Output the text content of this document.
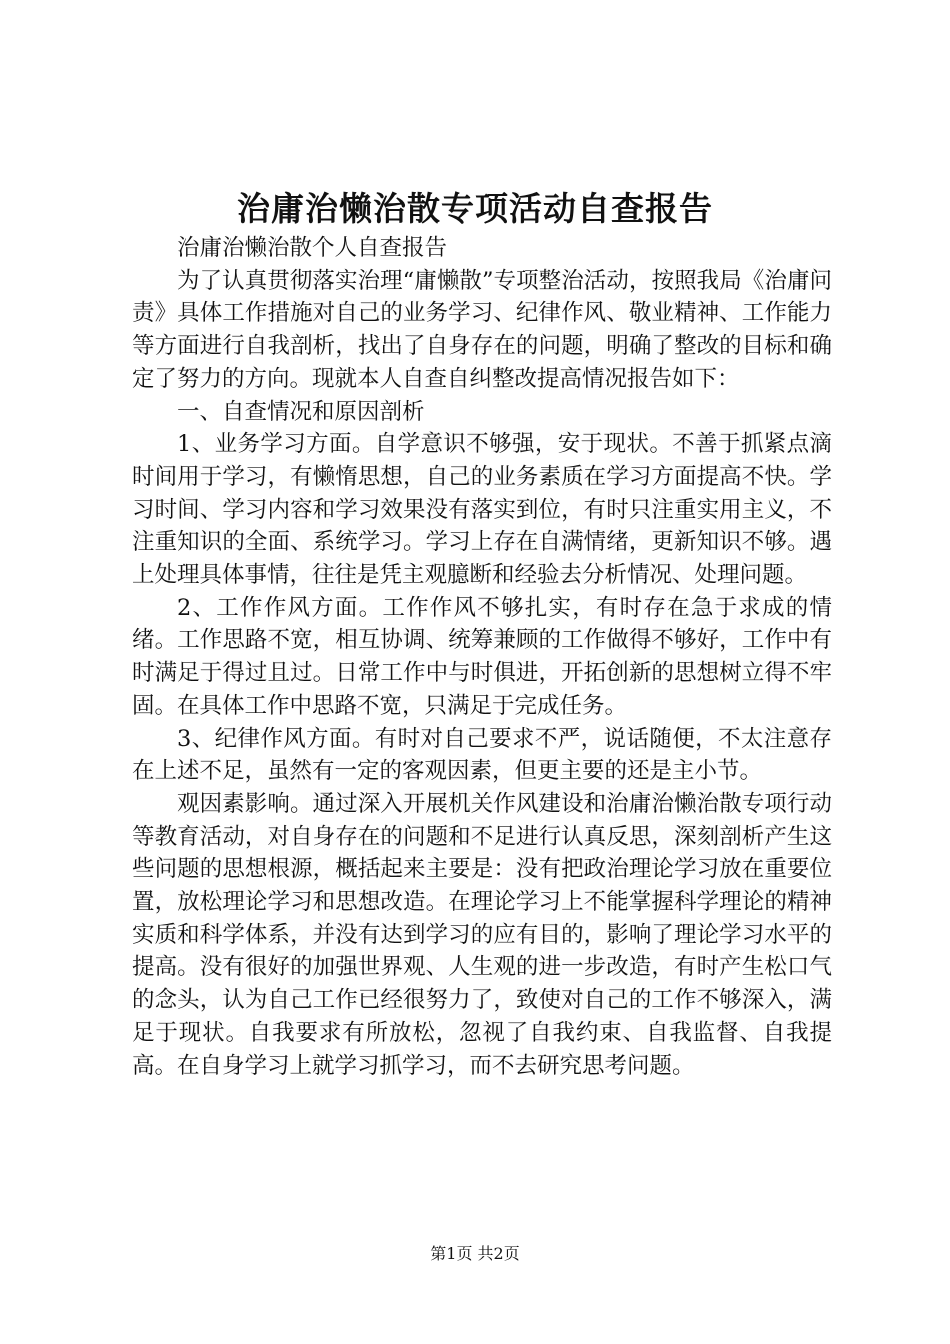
治庸治懒治散专项活动自查报告

治庸治懒治散个人自查报告

为了认真贯彻落实治理“庸懒散”专项整治活动，按照我局《治庸问责》具体工作措施对自己的业务学习、纪律作风、敬业精神、工作能力等方面进行自我剖析，找出了自身存在的问题，明确了整改的目标和确定了努力的方向。现就本人自查自纠整改提高情况报告如下：

一、自查情况和原因剖析

1、业务学习方面。自学意识不够强，安于现状。不善于抓紧点滴时间用于学习，有懒惰思想，自己的业务素质在学习方面提高不快。学习时间、学习内容和学习效果没有落实到位，有时只注重实用主义，不注重知识的全面、系统学习。学习上存在自满情绪，更新知识不够。遇上处理具体事情，往往是凭主观臆断和经验去分析情况、处理问题。

2、工作作风方面。工作作风不够扎实，有时存在急于求成的情绪。工作思路不宽，相互协调、统筹兼顾的工作做得不够好，工作中有时满足于得过且过。日常工作中与时俱进，开拓创新的思想树立得不牢固。在具体工作中思路不宽，只满足于完成任务。

3、纪律作风方面。有时对自己要求不严，说话随便，不太注意存在上述不足，虽然有一定的客观因素，但更主要的还是主小节。

观因素影响。通过深入开展机关作风建设和治庸治懒治散专项行动等教育活动，对自身存在的问题和不足进行认真反思，深刻剖析产生这些问题的思想根源，概括起来主要是：没有把政治理论学习放在重要位置，放松理论学习和思想改造。在理论学习上不能掌握科学理论的精神实质和科学体系，并没有达到学习的应有目的，影响了理论学习水平的提高。没有很好的加强世界观、人生观的进一步改造，有时产生松口气的念头，认为自己工作已经很努力了，致使对自己的工作不够深入，满足于现状。自我要求有所放松，忽视了自我约束、自我监督、自我提高。在自身学习上就学习抓学习，而不去研究思考问题。

第1页 共2页
